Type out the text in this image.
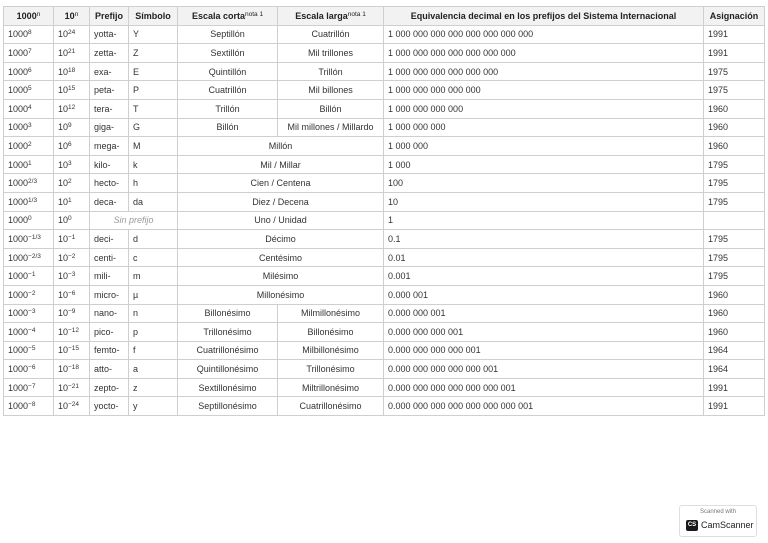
1000$^n$	10$^n$	Prefijo	Símbolo	Escala corta$^{nota 1}$	Escala larga$^{nota 1}$	Equivalencia decimal en los prefijos del Sistema Internacional	Asignación
1000$^8$	$10^{24}$	yotta-	Y	Septillón	Cuatrillón	1 000 000 000 000 000 000 000 000	1991
1000$^7$	$10^{21}$	zetta-	Z	Sextillón	Mil trillones	1 000 000 000 000 000 000 000	1991
1000$^6$	$10^{18}$	exa-	E	Quintillón	Trillón	1 000 000 000 000 000 000	1975
1000$^5$	$10^{15}$	peta-	P	Cuatrillón	Mil billones	1 000 000 000 000 000	1975
1000$^4$	$10^{12}$	tera-	T	Trillón	Billón	1 000 000 000 000	1960
1000$^3$	$10^9$	giga-	G	Billón	Mil millones / Millardo	1 000 000 000	1960
1000$^2$	$10^6$	mega-	M	Millón		1 000 000	1960
1000$^1$	$10^3$	kilo-	k	Mil / Millar		1 000	1795
$1000^{2/3}$	$10^2$	hecto-	h	Cien / Centena		100	1795
$1000^{1/3}$	$10^1$	deca-	da	Diez / Decena		10	1795
1000$^0$	$10^0$	Sin prefijo		Uno / Unidad		1	
$1000^{-1/3}$	$10^{-1}$	deci-	d	Décimo		0.1	1795
$1000^{-2/3}$	$10^{-2}$	centi-	c	Centésimo		0.01	1795
$1000^{-1}$	$10^{-3}$	mili-	m	Milésimo		0.001	1795
$1000^{-2}$	$10^{-6}$	micro-	µ	Millonésimo		0.000 001	1960
$1000^{-3}$	$10^{-9}$	nano-	n	Billonésimo	Milmillonésimo	0.000 000 001	1960
$1000^{-4}$	$10^{-12}$	pico-	p	Trillonésimo	Billonésimo	0.000 000 000 001	1960
$1000^{-5}$	$10^{-15}$	femto-	f	Cuatrillonésimo	Milbillonésimo	0.000 000 000 000 001	1964
$1000^{-6}$	$10^{-18}$	atto-	a	Quintillonésimo	Trillonésimo	0.000 000 000 000 000 001	1964
$1000^{-7}$	$10^{-21}$	zepto-	z	Sextillonésimo	Miltrillonésimo	0.000 000 000 000 000 000 001	1991
$1000^{-8}$	$10^{-24}$	yocto-	y	Septillonésimo	Cuatrillonésimo	0.000 000 000 000 000 000 000 001	1991
Scanned with
CS CamScanner
